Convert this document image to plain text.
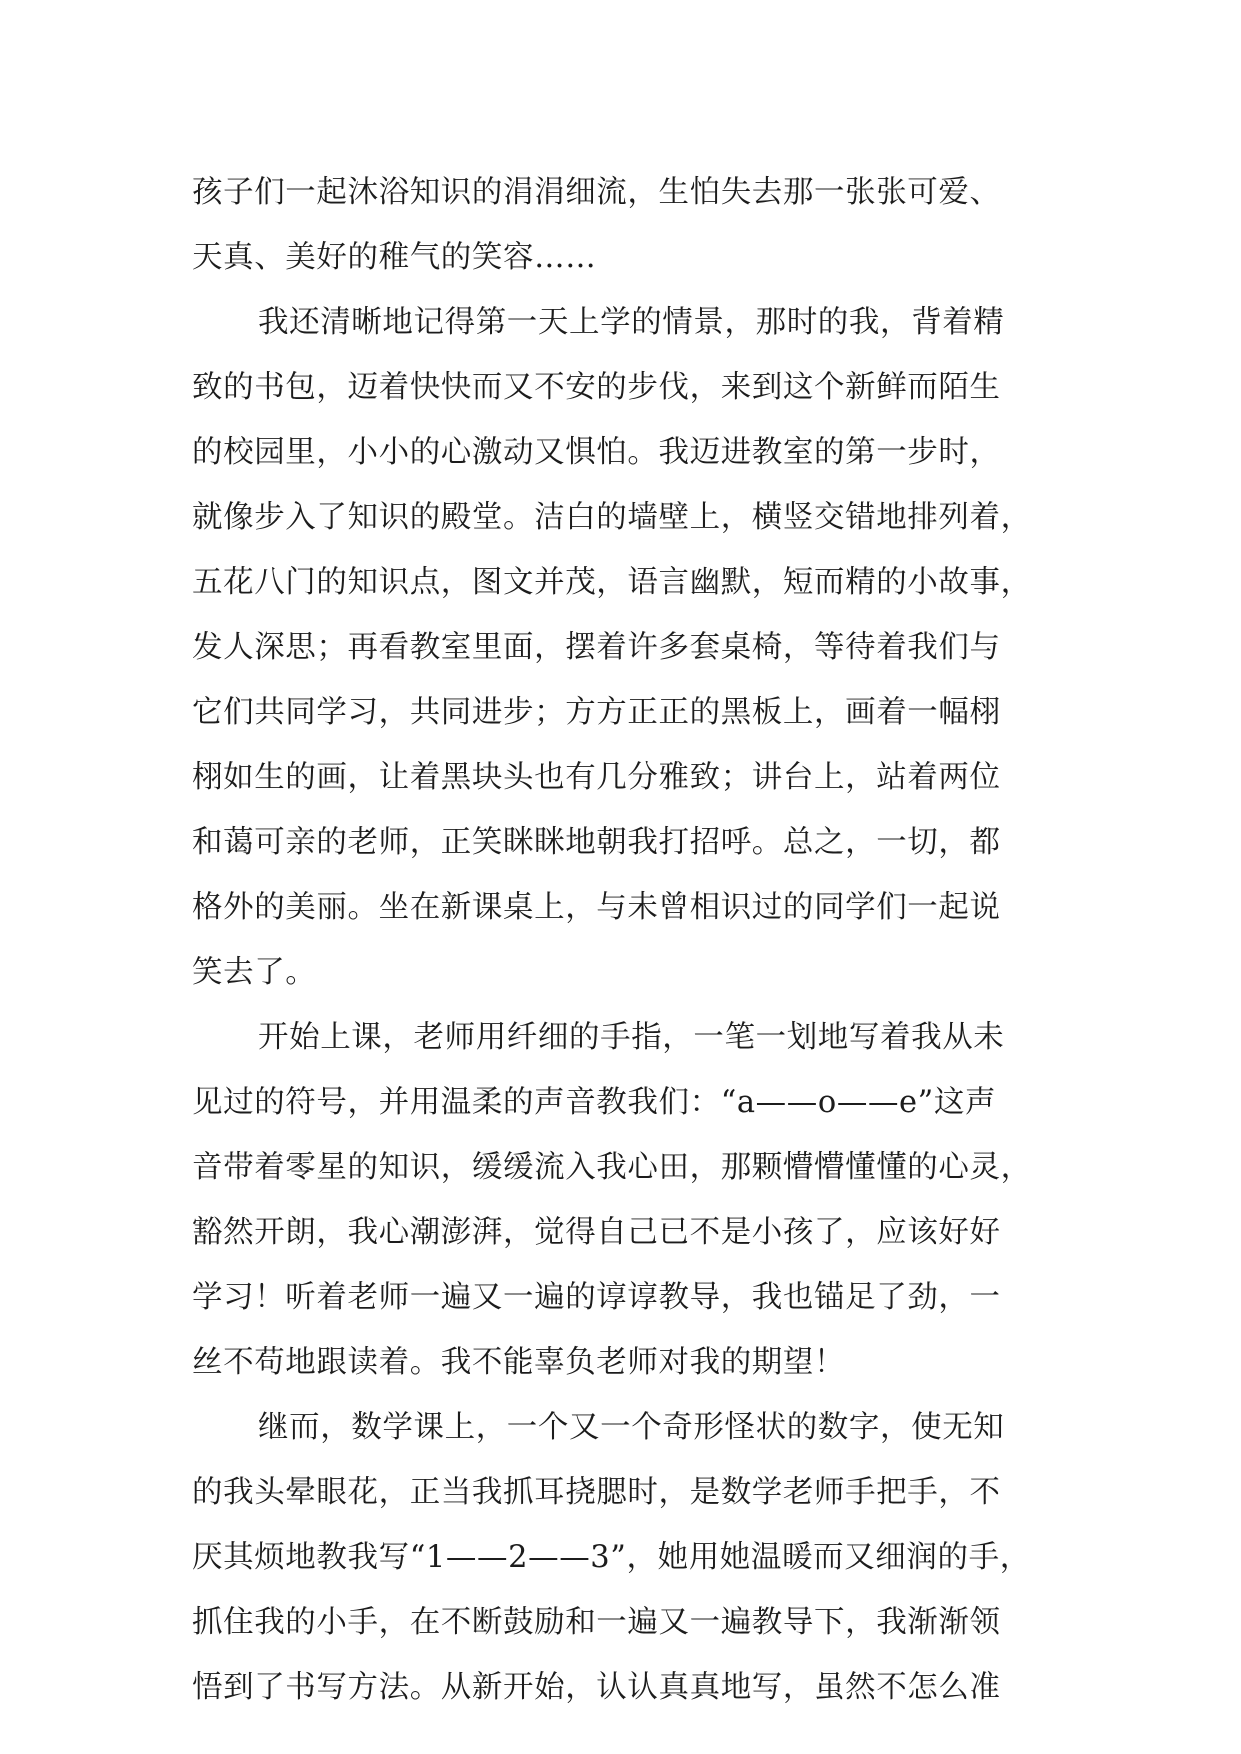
孩子们一起沐浴知识的涓涓细流，生怕失去那一张张可爱、
天真、美好的稚气的笑容……
我还清晰地记得第一天上学的情景，那时的我，背着精
致的书包，迈着快快而又不安的步伐，来到这个新鲜而陌生
的校园里，小小的心激动又惧怕。我迈进教室的第一步时，
就像步入了知识的殿堂。洁白的墙壁上，横竖交错地排列着，
五花八门的知识点，图文并茂，语言幽默，短而精的小故事，
发人深思；再看教室里面，摆着许多套桌椅，等待着我们与
它们共同学习，共同进步；方方正正的黑板上，画着一幅栩
栩如生的画，让着黑块头也有几分雅致；讲台上，站着两位
和蔼可亲的老师，正笑眯眯地朝我打招呼。总之，一切，都
格外的美丽。坐在新课桌上，与未曾相识过的同学们一起说
笑去了。
开始上课，老师用纤细的手指，一笔一划地写着我从未
见过的符号，并用温柔的声音教我们：“a——o——e”这声
音带着零星的知识，缓缓流入我心田，那颗懵懵懂懂的心灵，
豁然开朗，我心潮澎湃，觉得自己已不是小孩了，应该好好
学习！听着老师一遍又一遍的谆谆教导，我也锚足了劲，一
丝不苟地跟读着。我不能辜负老师对我的期望！
继而，数学课上，一个又一个奇形怪状的数字，使无知
的我头晕眼花，正当我抓耳挠腮时，是数学老师手把手，不
厌其烦地教我写“1——2——3”，她用她温暖而又细润的手，
抓住我的小手，在不断鼓励和一遍又一遍教导下，我渐渐领
悟到了书写方法。从新开始，认认真真地写，虽然不怎么准
